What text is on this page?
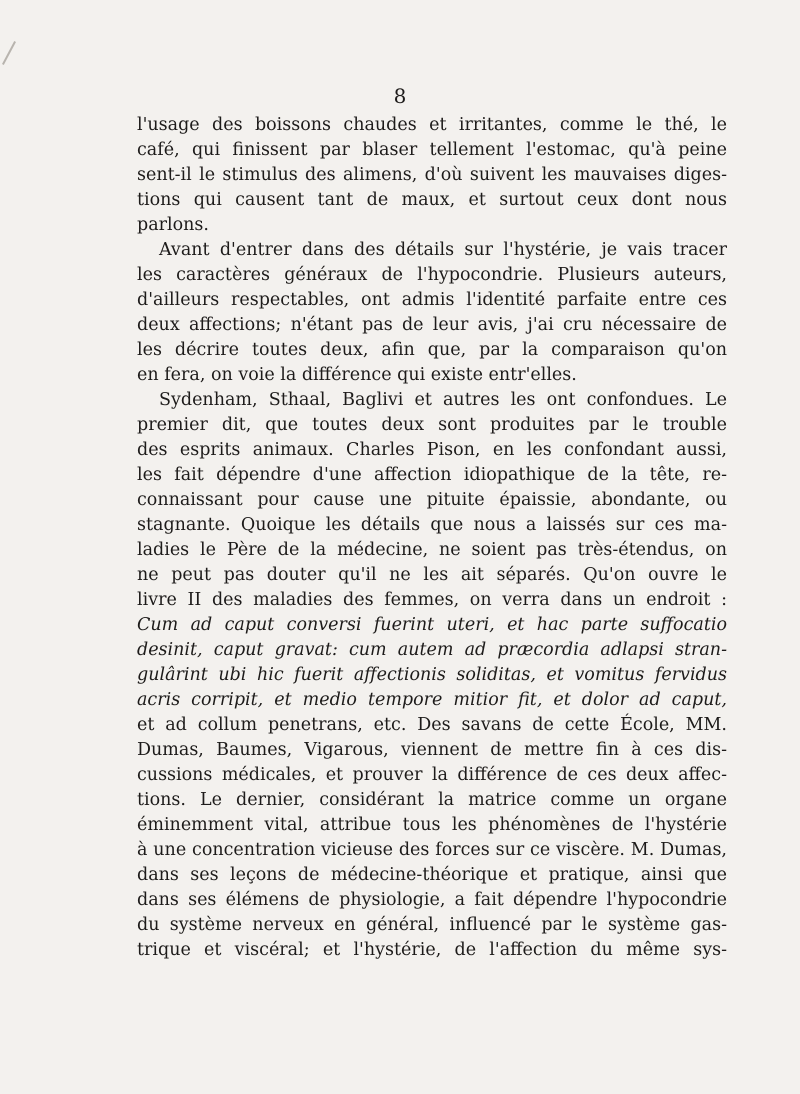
8
l'usage des boissons chaudes et irritantes, comme le thé, le
café, qui finissent par blaser tellement l'estomac, qu'à peine
sent-il le stimulus des alimens, d'où suivent les mauvaises diges-
tions qui causent tant de maux, et surtout ceux dont nous
parlons.
Avant d'entrer dans des détails sur l'hystérie, je vais tracer
les caractères généraux de l'hypocondrie. Plusieurs auteurs,
d'ailleurs respectables, ont admis l'identité parfaite entre ces
deux affections; n'étant pas de leur avis, j'ai cru nécessaire de
les décrire toutes deux, afin que, par la comparaison qu'on
en fera, on voie la différence qui existe entr'elles.
Sydenham, Sthaal, Baglivi et autres les ont confondues. Le
premier dit, que toutes deux sont produites par le trouble
des esprits animaux. Charles Pison, en les confondant aussi,
les fait dépendre d'une affection idiopathique de la tête, re-
connaissant pour cause une pituite épaissie, abondante, ou
stagnante. Quoique les détails que nous a laissés sur ces ma-
ladies le Père de la médecine, ne soient pas très-étendus, on
ne peut pas douter qu'il ne les ait séparés. Qu'on ouvre le
livre II des maladies des femmes, on verra dans un endroit :
Cum ad caput conversi fuerint uteri, et hac parte suffocatio
desinit, caput gravat: cum autem ad præcordia adlapsi stran-
gulârint ubi hic fuerit affectionis soliditas, et vomitus fervidus
acris corripit, et medio tempore mitior fit, et dolor ad caput,
et ad collum penetrans, etc. Des savans de cette École, MM.
Dumas, Baumes, Vigarous, viennent de mettre fin à ces dis-
cussions médicales, et prouver la différence de ces deux affec-
tions. Le dernier, considérant la matrice comme un organe
éminemment vital, attribue tous les phénomènes de l'hystérie
à une concentration vicieuse des forces sur ce viscère. M. Dumas,
dans ses leçons de médecine-théorique et pratique, ainsi que
dans ses élémens de physiologie, a fait dépendre l'hypocondrie
du système nerveux en général, influencé par le système gas-
trique et viscéral; et l'hystérie, de l'affection du même sys-
